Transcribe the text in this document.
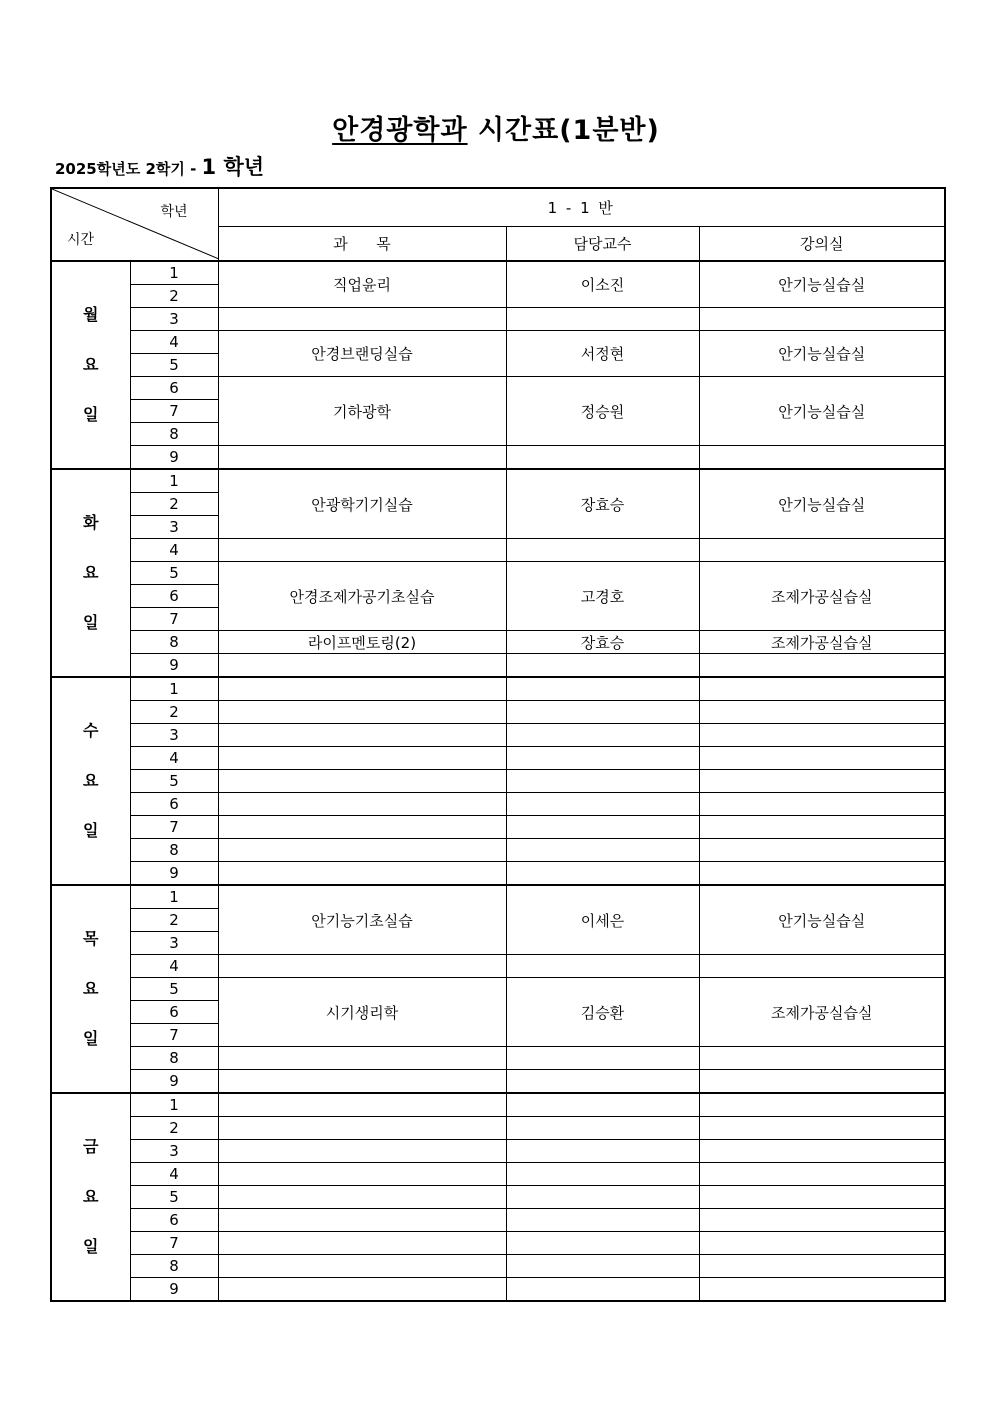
안경광학과 시간표(1분반)
2025학년도 2학기 - 1 학년
학년
시간		1 - 1 반		
		과      목	담당교수	강의실

월
요
일	1	직업윤리	이소진	안기능실습실
	2			
	3			
	4	안경브랜딩실습	서정현	안기능실습실
	5			
	6	기하광학	정승원	안기능실습실
	7			
	8			
	9			

화
요
일	1	안광학기기실습	장효승	안기능실습실
	2			
	3			
	4			
	5	안경조제가공기초실습	고경호	조제가공실습실
	6			
	7			
	8	라이프멘토링(2)	장효승	조제가공실습실
	9			

수
요
일	1			
	2			
	3			
	4			
	5			
	6			
	7			
	8			
	9			

목
요
일	1	안기능기초실습	이세은	안기능실습실
	2			
	3			
	4			
	5	시기생리학	김승환	조제가공실습실
	6			
	7			
	8			
	9			

금
요
일	1			
	2			
	3			
	4			
	5			
	6			
	7			
	8			
	9			
